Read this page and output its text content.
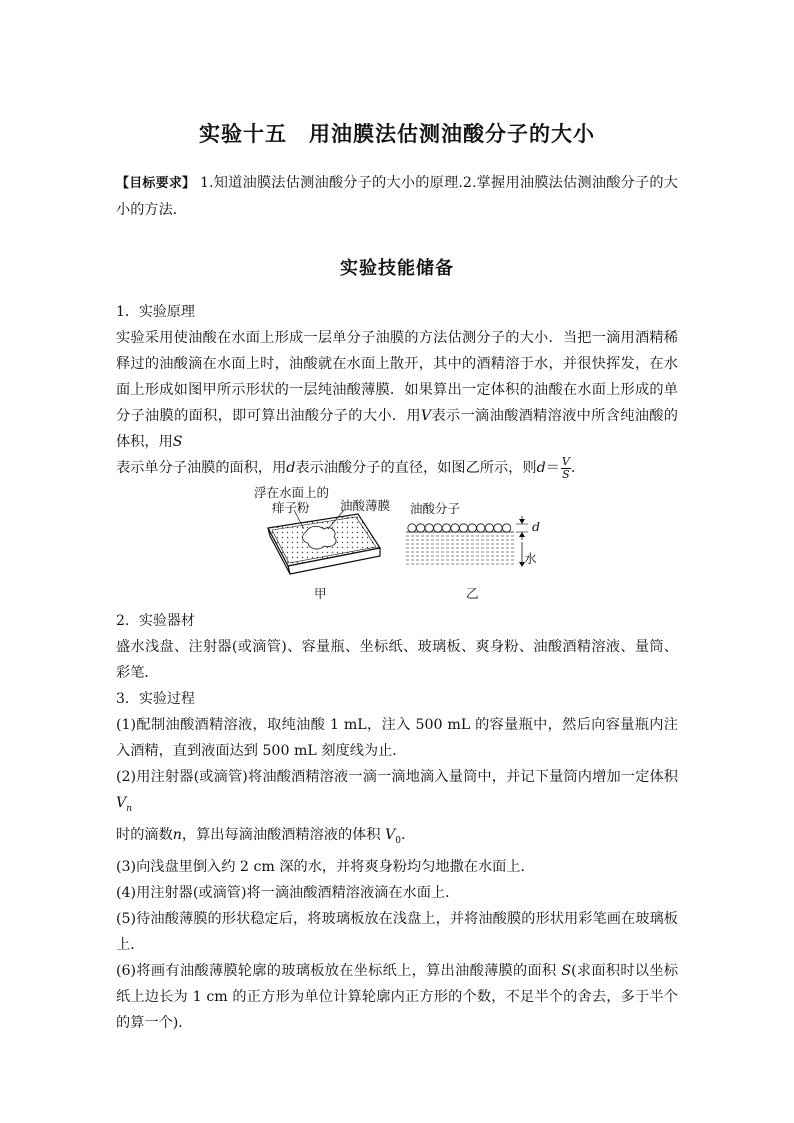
实验十五　用油膜法估测油酸分子的大小
【目标要求】 1.知道油膜法估测油酸分子的大小的原理.2.掌握用油膜法估测油酸分子的大小的方法．
实验技能储备

1．实验原理

实验采用使油酸在水面上形成一层单分子油膜的方法估测分子的大小．当把一滴用酒精稀释过的油酸滴在水面上时，油酸就在水面上散开，其中的酒精溶于水，并很快挥发，在水面上形成如图甲所示形状的一层纯油酸薄膜．如果算出一定体积的油酸在水面上形成的单分子油膜的面积，即可算出油酸分子的大小．用V表示一滴油酸酒精溶液中所含纯油酸的体积，用S
表示单分子油膜的面积，用d表示油酸分子的直径，如图乙所示，则$d= \frac{V}{S}$ .

浮在水面上的
痱子粉 油酸薄膜 油酸分子
d
水
甲	乙

2．实验器材

盛水浅盘、注射器(或滴管)、容量瓶、坐标纸、玻璃板、爽身粉、油酸酒精溶液、量筒、彩笔．

3．实验过程

(1)配制油酸酒精溶液，取纯油酸 1 mL，注入 500 mL 的容量瓶中，然后向容量瓶内注入酒精，直到液面达到 500 mL 刻度线为止．

(2)用注射器(或滴管)将油酸酒精溶液一滴一滴地滴入量筒中，并记下量筒内增加一定体积 $V_n$
时的滴数n，算出每滴油酸酒精溶液的体积 $V_0$.

(3)向浅盘里倒入约 2 cm 深的水，并将爽身粉均匀地撒在水面上．

(4)用注射器(或滴管)将一滴油酸酒精溶液滴在水面上．

(5)待油酸薄膜的形状稳定后，将玻璃板放在浅盘上，并将油酸膜的形状用彩笔画在玻璃板上．

(6)将画有油酸薄膜轮廓的玻璃板放在坐标纸上，算出油酸薄膜的面积 S(求面积时以坐标纸上边长为 1 cm 的正方形为单位计算轮廓内正方形的个数，不足半个的舍去，多于半个的算一个)．
